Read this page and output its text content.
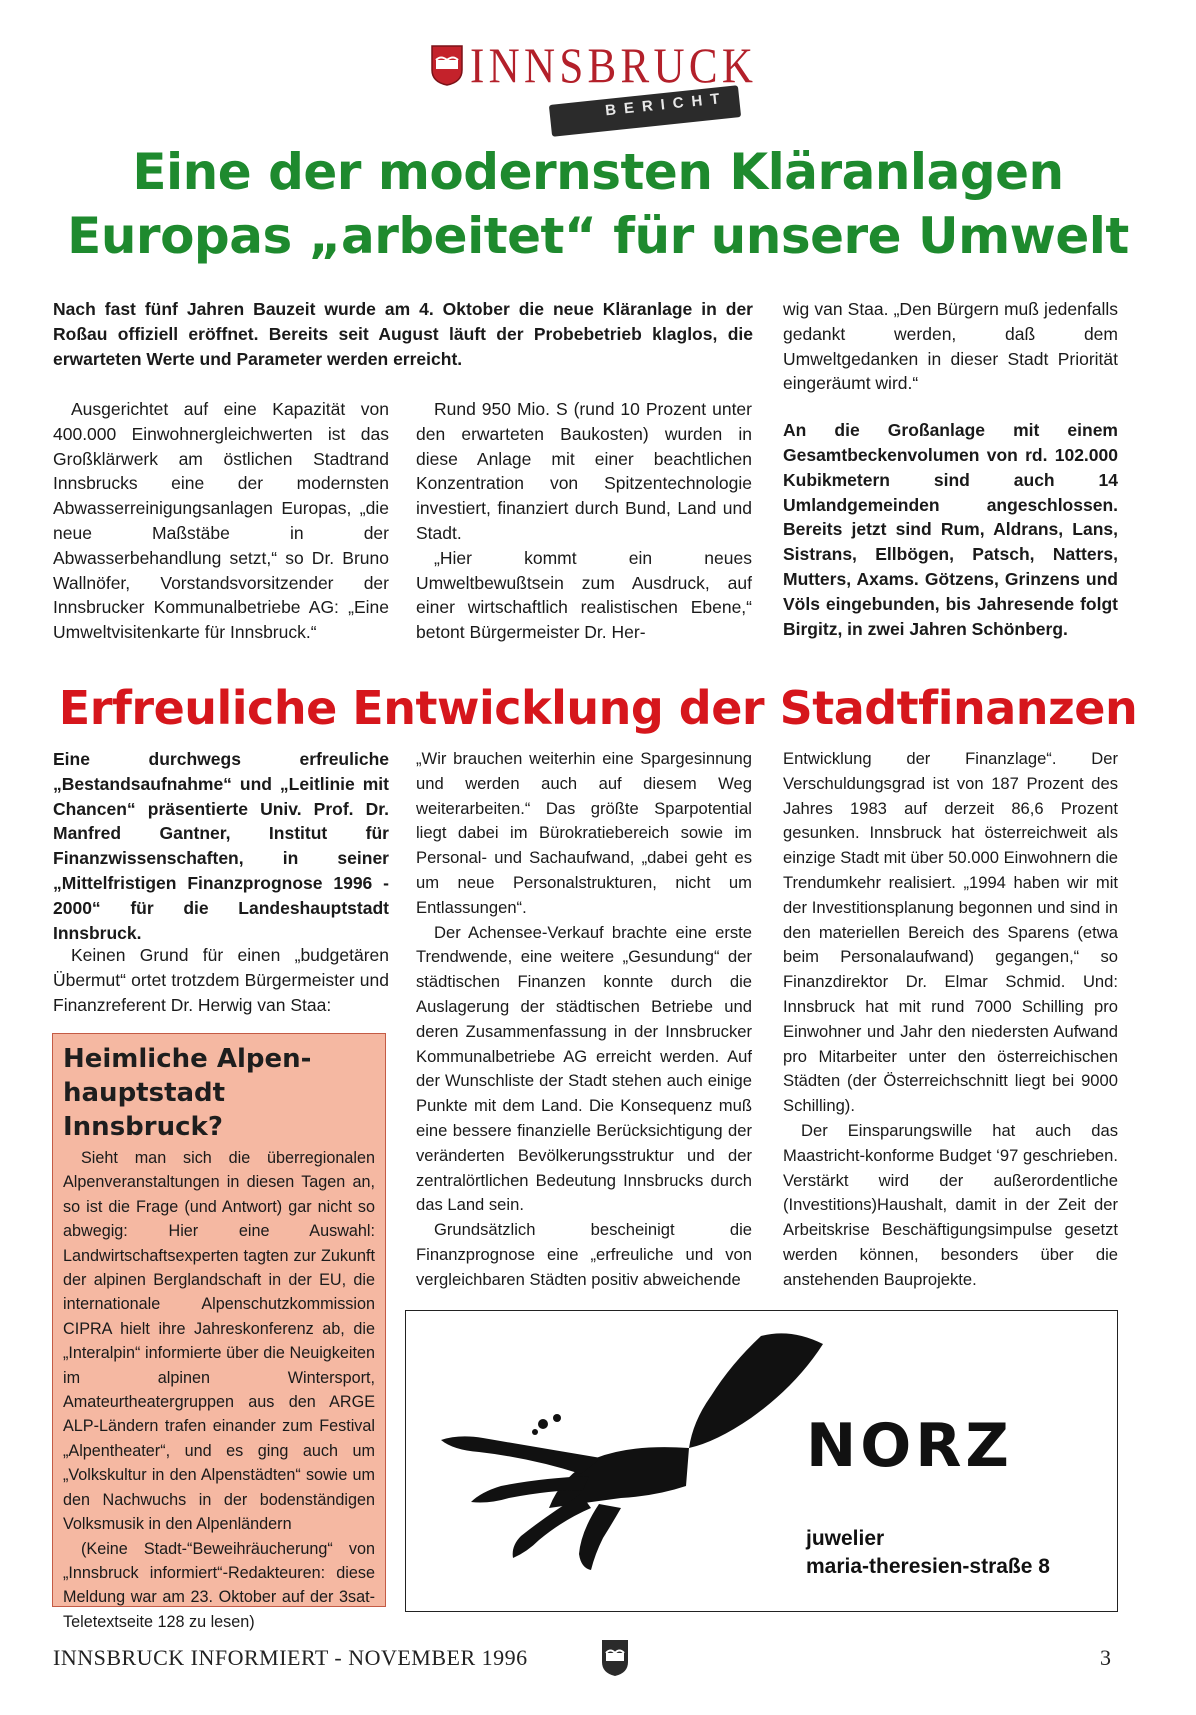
INNSBRUCK
BERICHT
Eine der modernsten Kläranlagen
Europas „arbeitet“ für unsere Umwelt

Nach fast fünf Jahren Bauzeit wurde am 4. Oktober die neue Kläranlage in der Roßau offiziell eröffnet. Bereits seit August läuft der Probebetrieb klaglos, die erwarteten Werte und Parameter werden erreicht.

Ausgerichtet auf eine Kapazität von 400.000 Einwohnergleichwerten ist das Großklärwerk am östlichen Stadtrand Innsbrucks eine der modernsten Abwasserreinigungsanlagen Europas, „die neue Maßstäbe in der Abwasserbehandlung setzt,“ so Dr. Bruno Wallnöfer, Vorstandsvorsitzender der Innsbrucker Kommunalbetriebe AG: „Eine Umweltvisitenkarte für Innsbruck.“

Rund 950 Mio. S (rund 10 Prozent unter den erwarteten Baukosten) wurden in diese Anlage mit einer beachtlichen Konzentration von Spitzentechnologie investiert, finanziert durch Bund, Land und Stadt.

„Hier kommt ein neues Umweltbewußtsein zum Ausdruck, auf einer wirtschaftlich realistischen Ebene,“ betont Bürgermeister Dr. Her-

wig van Staa. „Den Bürgern muß jedenfalls gedankt werden, daß dem Umweltgedanken in dieser Stadt Priorität eingeräumt wird.“

An die Großanlage mit einem Gesamtbeckenvolumen von rd. 102.000 Kubikmetern sind auch 14 Umlandgemeinden angeschlossen. Bereits jetzt sind Rum, Aldrans, Lans, Sistrans, Ellbögen, Patsch, Natters, Mutters, Axams. Götzens, Grinzens und Völs eingebunden, bis Jahresende folgt Birgitz, in zwei Jahren Schönberg.

Erfreuliche Entwicklung der Stadtfinanzen

Eine durchwegs erfreuliche „Bestandsaufnahme“ und „Leitlinie mit Chancen“ präsentierte Univ. Prof. Dr. Manfred Gantner, Institut für Finanzwissenschaften, in seiner „Mittelfristigen Finanzprognose 1996 - 2000“ für die Landeshauptstadt Innsbruck.

Keinen Grund für einen „budgetären Übermut“ ortet trotzdem Bürgermeister und Finanzreferent Dr. Herwig van Staa:

„Wir brauchen weiterhin eine Spargesinnung und werden auch auf diesem Weg weiterarbeiten.“ Das größte Sparpotential liegt dabei im Bürokratiebereich sowie im Personal- und Sachaufwand, „dabei geht es um neue Personalstrukturen, nicht um Entlassungen“.

Der Achensee-Verkauf brachte eine erste Trendwende, eine weitere „Gesundung“ der städtischen Finanzen konnte durch die Auslagerung der städtischen Betriebe und deren Zusammenfassung in der Innsbrucker Kommunalbetriebe AG erreicht werden. Auf der Wunschliste der Stadt stehen auch einige Punkte mit dem Land. Die Konsequenz muß eine bessere finanzielle Berücksichtigung der veränderten Bevölkerungsstruktur und der zentralörtlichen Bedeutung Innsbrucks durch das Land sein.

Grundsätzlich bescheinigt die Finanzprognose eine „erfreuliche und von vergleichbaren Städten positiv abweichende

Entwicklung der Finanzlage“. Der Verschuldungsgrad ist von 187 Prozent des Jahres 1983 auf derzeit 86,6 Prozent gesunken. Innsbruck hat österreichweit als einzige Stadt mit über 50.000 Einwohnern die Trendumkehr realisiert. „1994 haben wir mit der Investitionsplanung begonnen und sind in den materiellen Bereich des Sparens (etwa beim Personalaufwand) gegangen,“ so Finanzdirektor Dr. Elmar Schmid. Und: Innsbruck hat mit rund 7000 Schilling pro Einwohner und Jahr den niedersten Aufwand pro Mitarbeiter unter den österreichischen Städten (der Österreichschnitt liegt bei 9000 Schilling).

Der Einsparungswille hat auch das Maastricht-konforme Budget ‘97 geschrieben. Verstärkt wird der außerordentliche (Investitions)Haushalt, damit in der Zeit der Arbeitskrise Beschäftigungsimpulse gesetzt werden können, besonders über die anstehenden Bauprojekte.

Heimliche Alpen-
hauptstadt Innsbruck?

Sieht man sich die überregionalen Alpenveranstaltungen in diesen Tagen an, so ist die Frage (und Antwort) gar nicht so abwegig: Hier eine Auswahl: Landwirtschaftsexperten tagten zur Zukunft der alpinen Berglandschaft in der EU, die internationale Alpenschutzkommission CIPRA hielt ihre Jahreskonferenz ab, die „Interalpin“ informierte über die Neuigkeiten im alpinen Wintersport, Amateurtheatergruppen aus den ARGE ALP-Ländern trafen einander zum Festival „Alpentheater“, und es ging auch um „Volkskultur in den Alpenstädten“ sowie um den Nachwuchs in der bodenständigen Volksmusik in den Alpenländern

(Keine Stadt-“Beweihräucherung“ von „Innsbruck informiert“-Redakteuren: diese Meldung war am 23. Oktober auf der 3sat-Teletextseite 128 zu lesen)

NORZ
juwelier
maria-theresien-straße 8
INNSBRUCK INFORMIERT - NOVEMBER 1996	3
